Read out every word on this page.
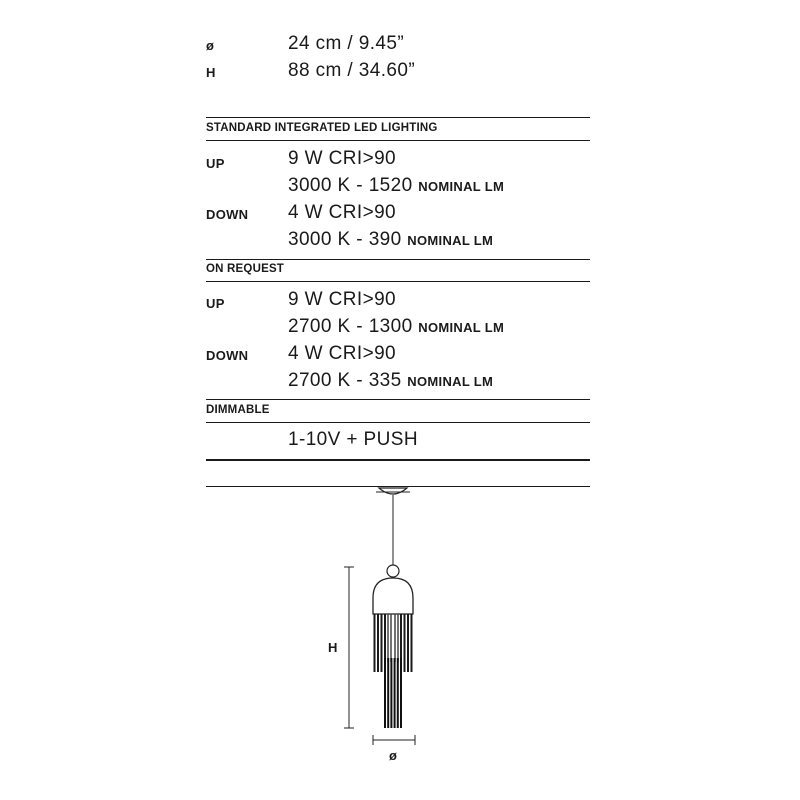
ø	24 cm / 9.45”
H	88 cm / 34.60”
STANDARD INTEGRATED LED LIGHTING
UP	9 W CRI>90
3000 K - 1520 NOMINAL LM
DOWN 4 W CRI>90
3000 K - 390 NOMINAL LM
ON REQUEST
UP	9 W CRI>90
2700 K - 1300 NOMINAL LM
DOWN 4 W CRI>90
2700 K - 335 NOMINAL LM
DIMMABLE
1-10V + PUSH
H
ø
